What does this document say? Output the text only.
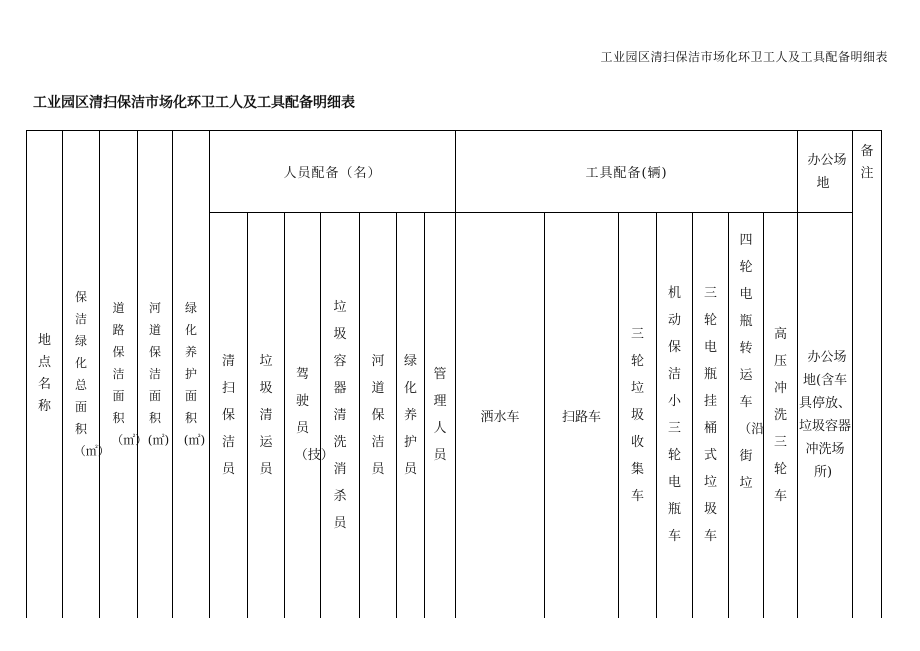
工业园区清扫保洁市场化环卫工人及工具配备明细表
工业园区清扫保洁市场化环卫工人及工具配备明细表
地点名称	保洁绿化总面积（㎡）	道路保洁面积（㎡）	河道保洁面积(㎡)	绿化养护面积(㎡)	人员配备（名）							工具配备(辆)							办公场地	备注
					清扫保洁员	垃圾清运员	驾驶员（技）	垃圾容器清洗消杀员	河道保洁员	绿化养护员	管理人员	洒水车	扫路车	三轮垃圾收集车	机动保洁小三轮电瓶车	三轮电瓶挂桶式垃圾车	四轮电瓶转运车（沿街垃	高压冲洗三轮车	办公场地(含车具停放、垃圾容器冲洗场所)	
